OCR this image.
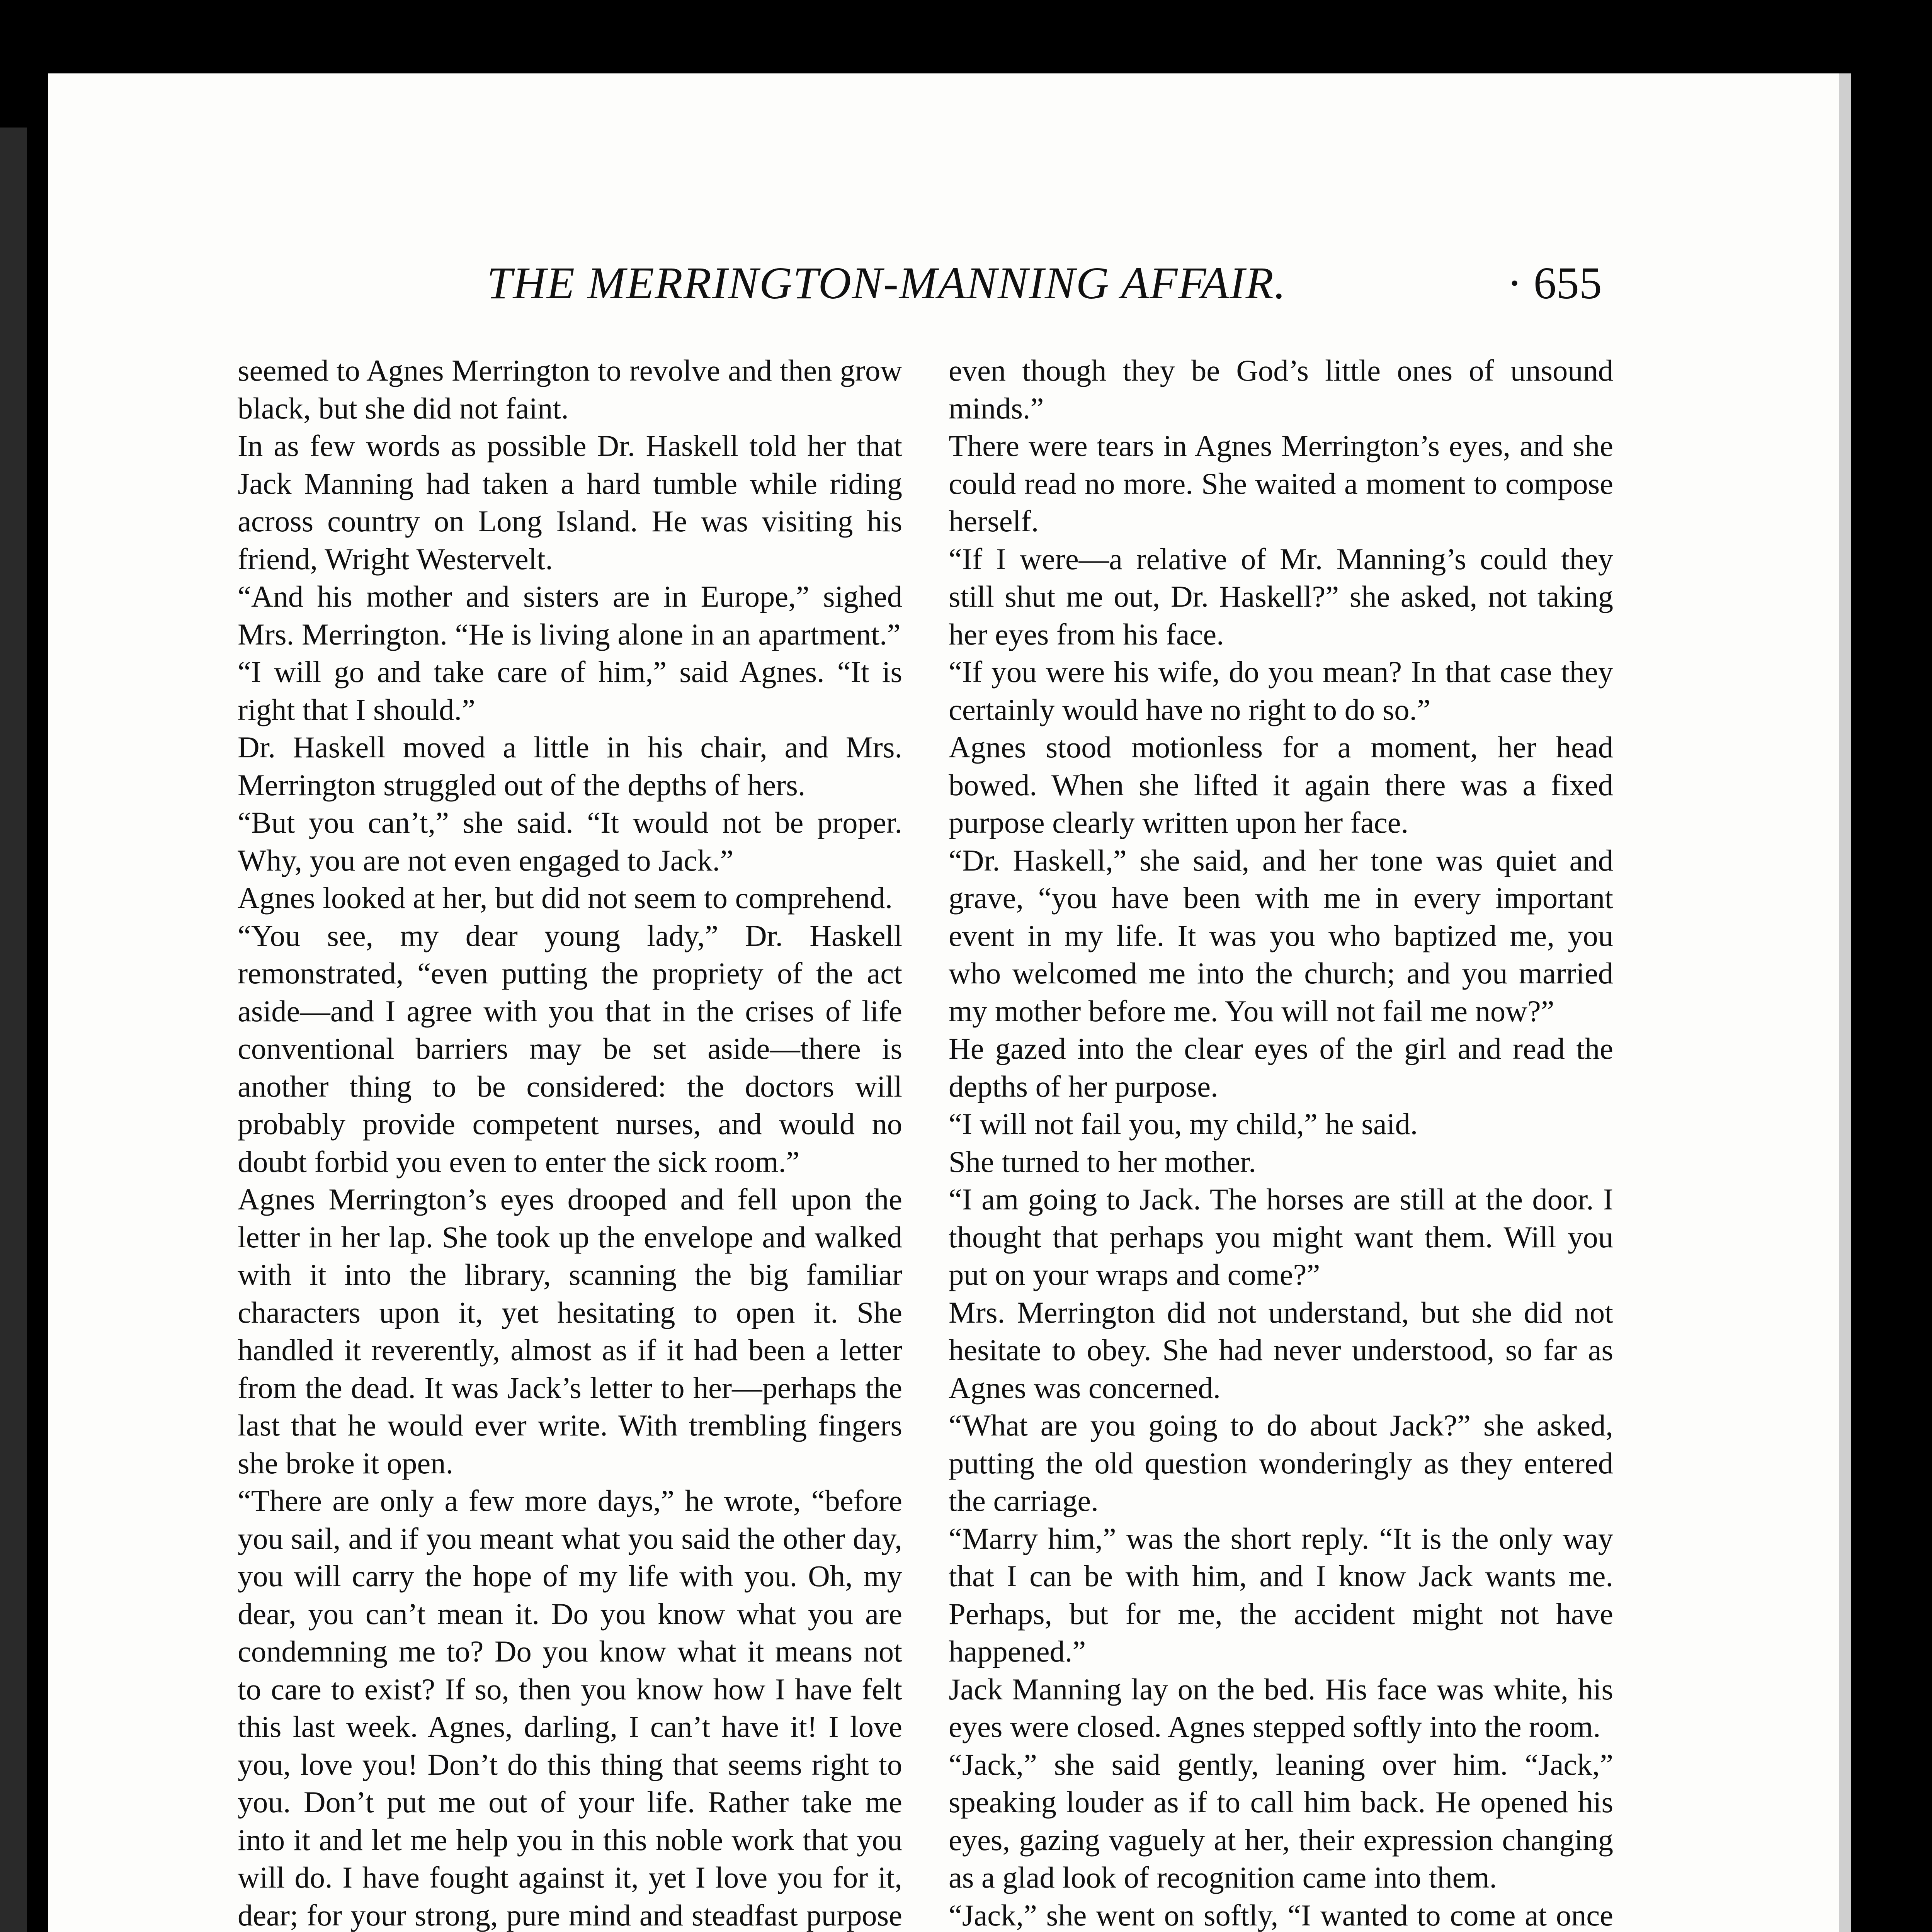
THE MERRINGTON-MANNING AFFAIR.	· 655

seemed to Agnes Merrington to revolve and then grow black, but she did not faint.

In as few words as possible Dr. Haskell told her that Jack Manning had taken a hard tumble while riding across country on Long Island. He was visiting his friend, Wright Westervelt.

“And his mother and sisters are in Europe,” sighed Mrs. Merrington. “He is living alone in an apartment.”

“I will go and take care of him,” said Agnes. “It is right that I should.”

Dr. Haskell moved a little in his chair, and Mrs. Merrington struggled out of the depths of hers.

“But you can’t,” she said. “It would not be proper. Why, you are not even engaged to Jack.”

Agnes looked at her, but did not seem to comprehend.

“You see, my dear young lady,” Dr. Haskell remonstrated, “even putting the propriety of the act aside—and I agree with you that in the crises of life conventional barriers may be set aside—there is another thing to be considered: the doctors will probably provide competent nurses, and would no doubt forbid you even to enter the sick room.”

Agnes Merrington’s eyes drooped and fell upon the letter in her lap. She took up the envelope and walked with it into the library, scanning the big familiar characters upon it, yet hesitating to open it. She handled it reverently, almost as if it had been a letter from the dead. It was Jack’s letter to her—perhaps the last that he would ever write. With trembling fingers she broke it open.

“There are only a few more days,” he wrote, “before you sail, and if you meant what you said the other day, you will carry the hope of my life with you. Oh, my dear, you can’t mean it. Do you know what you are condemning me to? Do you know what it means not to care to exist? If so, then you know how I have felt this last week. Agnes, darling, I can’t have it! I love you, love you! Don’t do this thing that seems right to you. Don’t put me out of your life. Rather take me into it and let me help you in this noble work that you will do. I have fought against it, yet I love you for it, dear; for your strong, pure mind and steadfast purpose

even though they be God’s little ones of unsound minds.”

There were tears in Agnes Merrington’s eyes, and she could read no more. She waited a moment to compose herself.

“If I were—a relative of Mr. Manning’s could they still shut me out, Dr. Haskell?” she asked, not taking her eyes from his face.

“If you were his wife, do you mean? In that case they certainly would have no right to do so.”

Agnes stood motionless for a moment, her head bowed. When she lifted it again there was a fixed purpose clearly written upon her face.

“Dr. Haskell,” she said, and her tone was quiet and grave, “you have been with me in every important event in my life. It was you who baptized me, you who welcomed me into the church; and you married my mother before me. You will not fail me now?”

He gazed into the clear eyes of the girl and read the depths of her purpose.

“I will not fail you, my child,” he said.

She turned to her mother.

“I am going to Jack. The horses are still at the door. I thought that perhaps you might want them. Will you put on your wraps and come?”

Mrs. Merrington did not understand, but she did not hesitate to obey. She had never understood, so far as Agnes was concerned.

“What are you going to do about Jack?” she asked, putting the old question wonderingly as they entered the carriage.

“Marry him,” was the short reply. “It is the only way that I can be with him, and I know Jack wants me. Perhaps, but for me, the accident might not have happened.”

Jack Manning lay on the bed. His face was white, his eyes were closed. Agnes stepped softly into the room.

“Jack,” she said gently, leaning over him. “Jack,” speaking louder as if to call him back. He opened his eyes, gazing vaguely at her, their expression changing as a glad look of recognition came into them.

“Jack,” she went on softly, “I wanted to come at once
